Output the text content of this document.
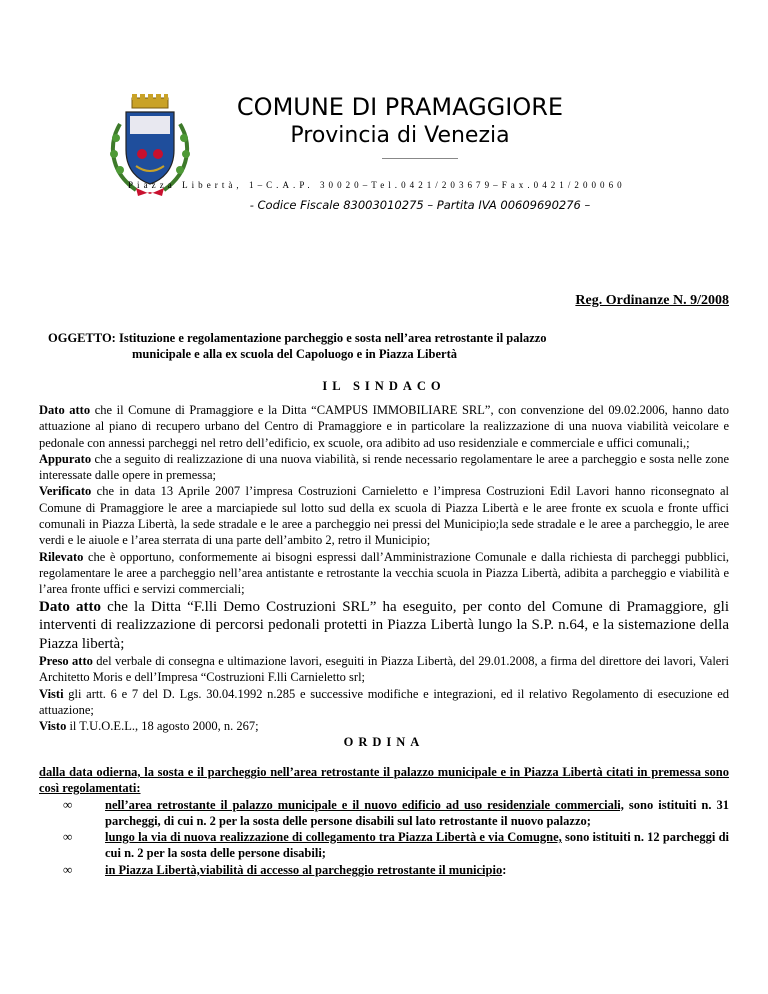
COMUNE DI PRAMAGGIORE
Provincia di Venezia
Piazza Libertà, 1–C.A.P. 30020–Tel.0421/203679–Fax.0421/200060
- Codice Fiscale 83003010275 – Partita IVA 00609690276 –
Reg. Ordinanze N. 9/2008
OGGETTO: Istituzione e regolamentazione parcheggio e sosta nell’area retrostante il palazzo
municipale e alla ex scuola del Capoluogo e in Piazza Libertà
IL SINDACO

Dato atto che il Comune di Pramaggiore e la Ditta “CAMPUS IMMOBILIARE SRL”, con convenzione del 09.02.2006, hanno dato attuazione al piano di recupero urbano del Centro di Pramaggiore e in particolare la realizzazione di una nuova viabilità veicolare e pedonale con annessi parcheggi nel retro dell’edificio, ex scuole, ora adibito ad uso residenziale e commerciale e uffici comunali,;

Appurato che a seguito di realizzazione di una nuova viabilità, si rende necessario regolamentare le aree a parcheggio e sosta nelle zone interessate dalle opere in premessa;

Verificato che in data 13 Aprile 2007 l’impresa Costruzioni Carnieletto e l’impresa Costruzioni Edil Lavori hanno riconsegnato al Comune di Pramaggiore le aree a marciapiede sul lotto sud della ex scuola di Piazza Libertà e le aree fronte ex scuola e fronte uffici comunali in Piazza Libertà, la sede stradale e le aree a parcheggio nei pressi del Municipio;la sede stradale e le aree a parcheggio, le aree verdi e le aiuole e l’area sterrata di una parte dell’ambito 2, retro il Municipio;

Rilevato che è opportuno, conformemente ai bisogni espressi dall’Amministrazione Comunale e dalla richiesta di parcheggi pubblici, regolamentare le aree a parcheggio nell’area antistante e retrostante la vecchia scuola in Piazza Libertà, adibita a parcheggio e viabilità e l’area fronte uffici e servizi commerciali;

Dato atto che la Ditta “F.lli Demo Costruzioni SRL” ha eseguito, per conto del Comune di Pramaggiore, gli interventi di realizzazione di percorsi pedonali protetti in Piazza Libertà lungo la S.P. n.64, e la sistemazione della Piazza libertà;

Preso atto del verbale di consegna e ultimazione lavori, eseguiti in Piazza Libertà, del 29.01.2008, a firma del direttore dei lavori, Valeri Architetto Moris e dell’Impresa “Costruzioni F.lli Carnieletto srl;

Visti gli artt. 6 e 7 del D. Lgs. 30.04.1992 n.285 e successive modifiche e integrazioni, ed il relativo Regolamento di esecuzione ed attuazione;

Visto il T.U.O.E.L., 18 agosto 2000, n. 267;

ORDINA
dalla data odierna, la sosta e il parcheggio nell’area retrostante il palazzo municipale e in Piazza Libertà citati in premessa sono così regolamentati:
∞	nell’area retrostante il palazzo municipale e il nuovo edificio ad uso residenziale commerciali, sono istituiti n. 31 parcheggi, di cui n. 2 per la sosta delle persone disabili sul lato retrostante il nuovo palazzo;
∞	lungo la via di nuova realizzazione di collegamento tra Piazza Libertà e via Comugne, sono istituiti n. 12 parcheggi di cui n. 2 per la sosta delle persone disabili;
∞	in Piazza Libertà,viabilità di accesso al parcheggio retrostante il municipio:
